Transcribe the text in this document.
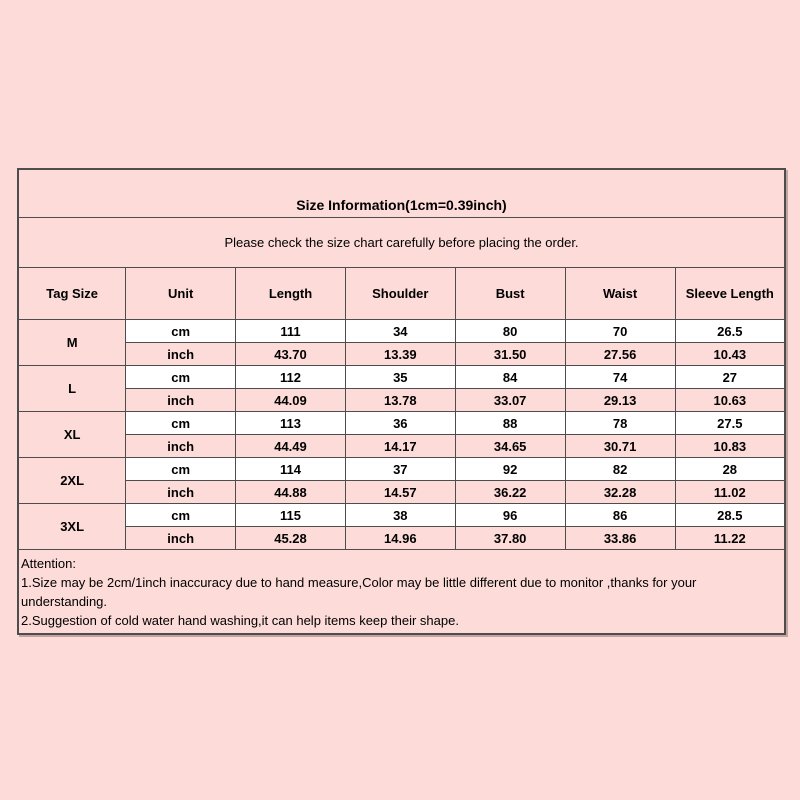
Size Information(1cm=0.39inch)						
Please check the size chart carefully before placing the order.						
Tag Size	Unit	Length	Shoulder	Bust	Waist	Sleeve Length
M	cm	111	34	80	70	26.5
	inch	43.70	13.39	31.50	27.56	10.43
L	cm	112	35	84	74	27
	inch	44.09	13.78	33.07	29.13	10.63
XL	cm	113	36	88	78	27.5
	inch	44.49	14.17	34.65	30.71	10.83
2XL	cm	114	37	92	82	28
	inch	44.88	14.57	36.22	32.28	11.02
3XL	cm	115	38	96	86	28.5
	inch	45.28	14.96	37.80	33.86	11.22

Attention:
1.Size may be 2cm/1inch inaccuracy due to hand measure,Color may be little different due to monitor ,thanks for your understanding.
2.Suggestion of cold water hand washing,it can help items keep their shape.						
